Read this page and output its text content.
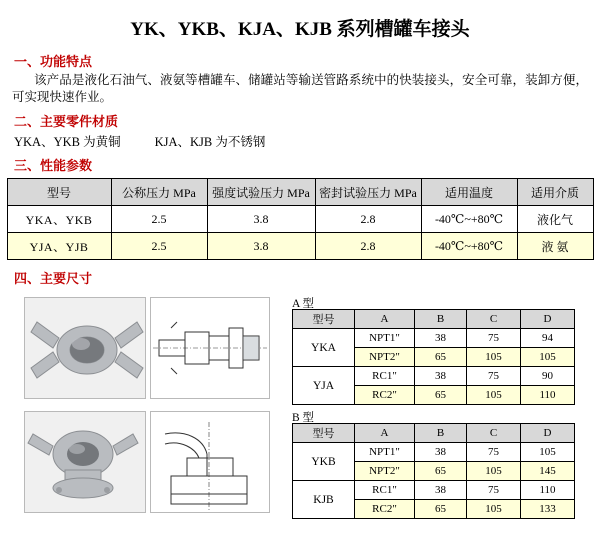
YK、YKB、KJA、KJB 系列槽罐车接头
一、功能特点
该产品是液化石油气、液氨等槽罐车、储罐站等输送管路系统中的快装接头，安全可靠，装卸方便，可实现快速作业。
二、主要零件材质
YKA、YKB 为黄铜	KJA、KJB 为不锈钢
三、性能参数
型号	公称压力 MPa	强度试验压力 MPa	密封试验压力 MPa	适用温度	适用介质
YKA、YKB	2.5	3.8	2.8	-40℃~+80℃	液化气
YJA、YJB	2.5	3.8	2.8	-40℃~+80℃	液 氨
四、主要尺寸
A 型
B 型
型号	A	B	C	D
YKA	NPT1"	38	75	94
	NPT2"	65	105	105
YJA	RC1"	38	75	90
	RC2"	65	105	110
型号	A	B	C	D
YKB	NPT1"	38	75	105
	NPT2"	65	105	145
KJB	RC1"	38	75	110
	RC2"	65	105	133
